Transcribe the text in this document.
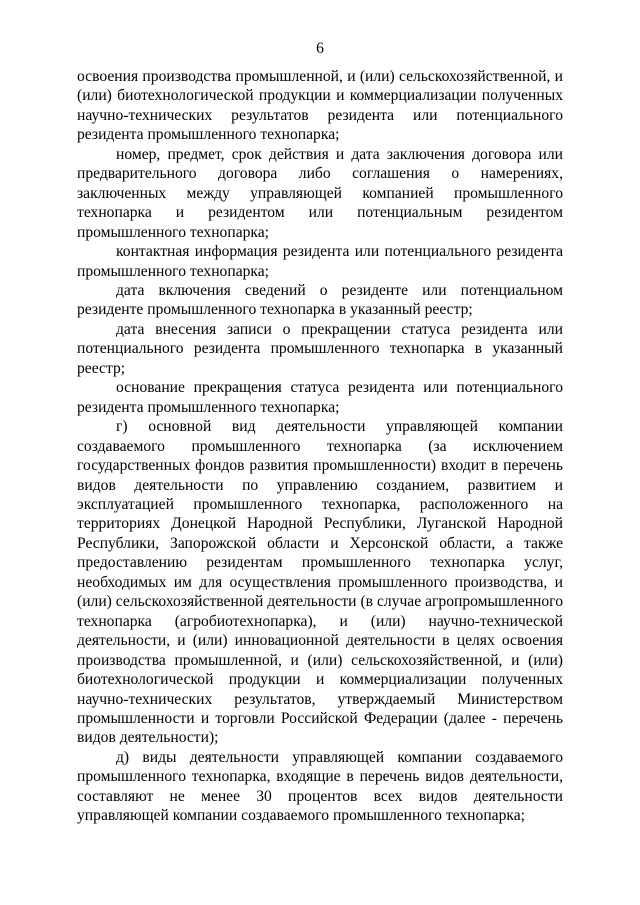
6

освоения производства промышленной, и (или) сельскохозяйственной, и (или) биотехнологической продукции и коммерциализации полученных научно-технических результатов резидента или потенциального резидента промышленного технопарка;

номер, предмет, срок действия и дата заключения договора или предварительного договора либо соглашения о намерениях, заключенных между управляющей компанией промышленного технопарка и резидентом или потенциальным резидентом промышленного технопарка;

контактная информация резидента или потенциального резидента промышленного технопарка;

дата включения сведений о резиденте или потенциальном резиденте промышленного технопарка в указанный реестр;

дата внесения записи о прекращении статуса резидента или потенциального резидента промышленного технопарка в указанный реестр;

основание прекращения статуса резидента или потенциального резидента промышленного технопарка;

г) основной вид деятельности управляющей компании создаваемого промышленного технопарка (за исключением государственных фондов развития промышленности) входит в перечень видов деятельности по управлению созданием, развитием и эксплуатацией промышленного технопарка, расположенного на территориях Донецкой Народной Республики, Луганской Народной Республики, Запорожской области и Херсонской области, а также предоставлению резидентам промышленного технопарка услуг, необходимых им для осуществления промышленного производства, и (или) сельскохозяйственной деятельности (в случае агропромышленного технопарка (агробиотехнопарка), и (или) научно-технической деятельности, и (или) инновационной деятельности в целях освоения производства промышленной, и (или) сельскохозяйственной, и (или) биотехнологической продукции и коммерциализации полученных научно-технических результатов, утверждаемый Министерством промышленности и торговли Российской Федерации (далее - перечень видов деятельности);

д) виды деятельности управляющей компании создаваемого промышленного технопарка, входящие в перечень видов деятельности, составляют не менее 30 процентов всех видов деятельности управляющей компании создаваемого промышленного технопарка;
